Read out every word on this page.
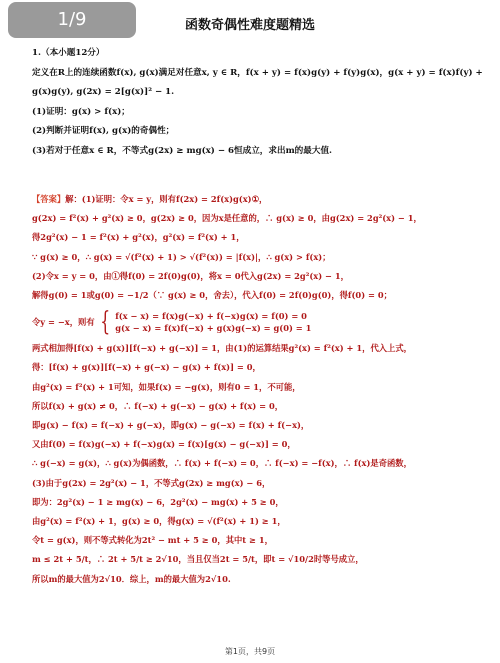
1/9	函数奇偶性难度题精选
1.（本小题12分）
定义在R上的连续函数f(x), g(x)满足对任意x, y ∈ R，f(x + y) = f(x)g(y) + f(y)g(x)，g(x + y) = f(x)f(y) +
g(x)g(y), g(2x) = 2[g(x)]² − 1.
(1)证明：g(x) > f(x)；
(2)判断并证明f(x), g(x)的奇偶性；
(3)若对于任意x ∈ R，不等式g(2x) ≥ mg(x) − 6恒成立，求出m的最大值.
【答案】解：(1)证明：令x = y，则有f(2x) = 2f(x)g(x)①，
g(2x) = f²(x) + g²(x) ≥ 0，g(2x) ≥ 0，因为x是任意的，∴ g(x) ≥ 0，由g(2x) = 2g²(x) − 1，
得2g²(x) − 1 = f²(x) + g²(x)，g²(x) = f²(x) + 1，
∵ g(x) ≥ 0，∴ g(x) = √(f²(x) + 1) > √(f²(x)) = |f(x)|，∴ g(x) > f(x)；
(2)令x = y = 0，由①得f(0) = 2f(0)g(0)，将x = 0代入g(2x) = 2g²(x) − 1，
解得g(0) = 1或g(0) = −1/2（∵ g(x) ≥ 0，舍去），代入f(0) = 2f(0)g(0)，得f(0) = 0；
令y = −x，则有 { f(x − x) = f(x)g(−x) + f(−x)g(x) = f(0) = 0
g(x − x) = f(x)f(−x) + g(x)g(−x) = g(0) = 1
两式相加得[f(x) + g(x)][f(−x) + g(−x)] = 1，由(1)的运算结果g²(x) = f²(x) + 1，代入上式，
得：[f(x) + g(x)][f(−x) + g(−x) − g(x) + f(x)] = 0，
由g²(x) = f²(x) + 1可知，如果f(x) = −g(x)，则有0 = 1，不可能，
所以f(x) + g(x) ≠ 0，∴ f(−x) + g(−x) − g(x) + f(x) = 0，
即g(x) − f(x) = f(−x) + g(−x)，即g(x) − g(−x) = f(x) + f(−x)，
又由f(0) = f(x)g(−x) + f(−x)g(x) = f(x)[g(x) − g(−x)] = 0，
∴ g(−x) = g(x)，∴ g(x)为偶函数，∴ f(x) + f(−x) = 0，∴ f(−x) = −f(x)，∴ f(x)是奇函数，
(3)由于g(2x) = 2g²(x) − 1，不等式g(2x) ≥ mg(x) − 6，
即为：2g²(x) − 1 ≥ mg(x) − 6，2g²(x) − mg(x) + 5 ≥ 0，
由g²(x) = f²(x) + 1，g(x) ≥ 0，得g(x) = √(f²(x) + 1) ≥ 1，
令t = g(x)，则不等式转化为2t² − mt + 5 ≥ 0，其中t ≥ 1，
m ≤ 2t + 5/t，∴ 2t + 5/t ≥ 2√10，当且仅当2t = 5/t，即t = √10/2时等号成立，
所以m的最大值为2√10．综上，m的最大值为2√10.
第1页，共9页
